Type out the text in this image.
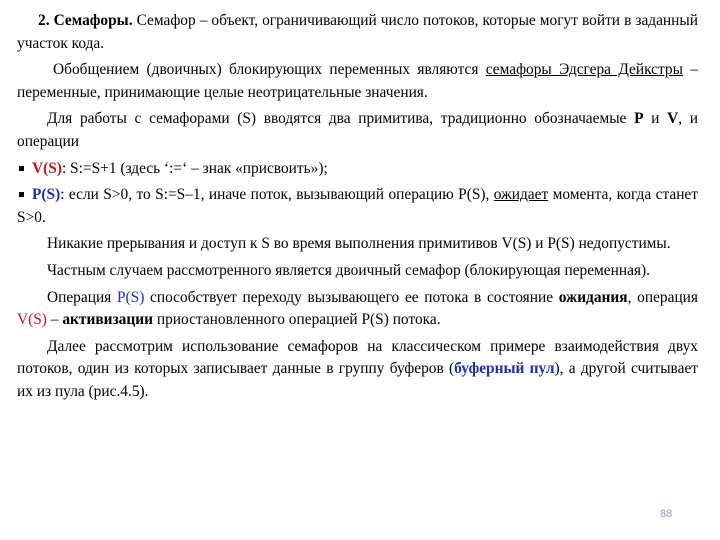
2. Семафоры. Семафор – объект, ограничивающий число потоков, которые могут войти в заданный участок кода.

Обобщением (двоичных) блокирующих переменных являются семафоры Эдсгера Дейкстры – переменные, принимающие целые неотрицательные значения.

Для работы с семафорами (S) вводятся два примитива, традиционно обозначаемые P и V, и операции

V(S): S:=S+1 (здесь ‘:=‘ – знак «присвоить»);

P(S): если S>0, то S:=S–1, иначе поток, вызывающий операцию P(S), ожидает момента, когда станет S>0.

Никакие прерывания и доступ к S во время выполнения примитивов V(S) и P(S) недопустимы.

Частным случаем рассмотренного является двоичный семафор (блокирующая переменная).

Операция P(S) способствует переходу вызывающего ее потока в состояние ожидания, операция V(S) – активизации приостановленного операцией P(S) потока.

Далее рассмотрим использование семафоров на классическом примере взаимодействия двух потоков, один из которых записывает данные в группу буферов (буферный пул), а другой считывает их из пула (рис.4.5).

88
